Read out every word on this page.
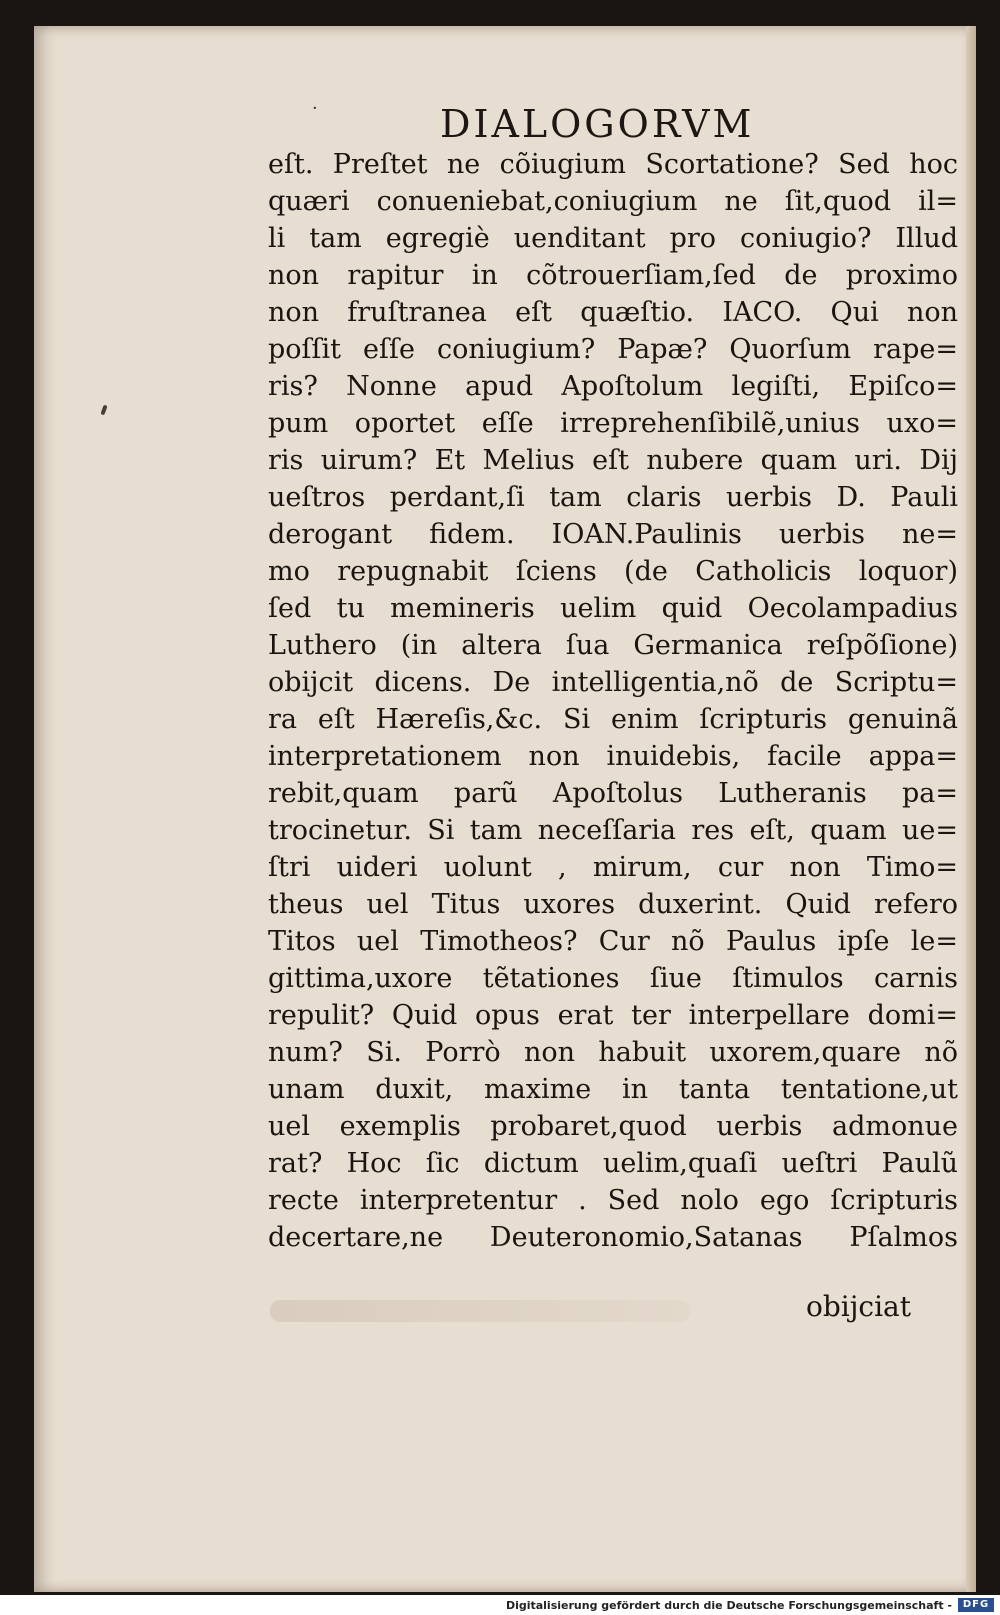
·	DIALOGORVM
eſt. Preſtet ne cõiugium Scortatione? Sed hoc
quæri conueniebat,coniugium ne ſit,quod il=
li tam egregiè uenditant pro coniugio? Illud
non rapitur in cõtrouerſiam,ſed de proximo
non fruſtranea eſt quæſtio. IACO. Qui non
poſſit eſſe coniugium? Papæ? Quorſum rape=
ris? Nonne apud Apoſtolum legiſti, Epiſco=
pum oportet eſſe irreprehenſibilẽ,unius uxo=
ris uirum? Et Melius eſt nubere quam uri. Dij
ueſtros perdant,ſi tam claris uerbis D. Pauli
derogant fidem. IOAN.Paulinis uerbis ne=
mo repugnabit ſciens (de Catholicis loquor)
ſed tu memineris uelim quid Oecolampadius
Luthero (in altera ſua Germanica reſpõſione)
obijcit dicens. De intelligentia,nõ de Scriptu=
ra eſt Hæreſis,&c. Si enim ſcripturis genuinã
interpretationem non inuidebis, facile appa=
rebit,quam parũ Apoſtolus Lutheranis pa=
trocinetur. Si tam neceſſaria res eſt, quam ue=
ſtri uideri uolunt , mirum, cur non Timo=
theus uel Titus uxores duxerint. Quid refero
Titos uel Timotheos? Cur nõ Paulus ipſe le=
gittima,uxore tẽtationes ſiue ſtimulos carnis
repulit? Quid opus erat ter interpellare domi=
num? Si. Porrò non habuit uxorem,quare nõ
unam duxit, maxime in tanta tentatione,ut
uel exemplis probaret,quod uerbis admonue
rat? Hoc ſic dictum uelim,quaſi ueſtri Paulũ
recte interpretentur . Sed nolo ego ſcripturis
decertare,ne Deuteronomio,Satanas Pſalmos
obijciat
Digitalisierung gefördert durch die Deutsche Forschungsgemeinschaft -	DFG
